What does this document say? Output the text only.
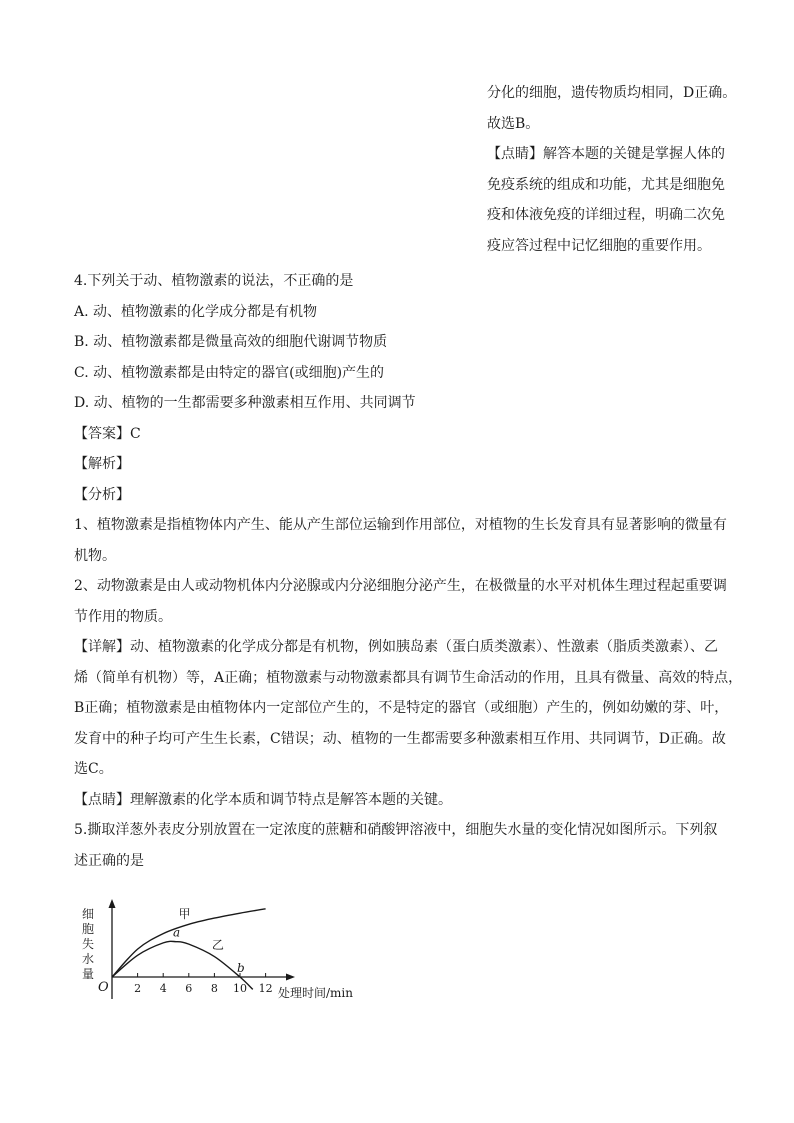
分化的细胞，遗传物质均相同，D正确。
故选B。
【点睛】解答本题的关键是掌握人体的
免疫系统的组成和功能，尤其是细胞免
疫和体液免疫的详细过程，明确二次免
疫应答过程中记忆细胞的重要作用。
4.下列关于动、植物激素的说法，不正确的是
A. 动、植物激素的化学成分都是有机物
B. 动、植物激素都是微量高效的细胞代谢调节物质
C. 动、植物激素都是由特定的器官(或细胞)产生的
D. 动、植物的一生都需要多种激素相互作用、共同调节
【答案】C
【解析】
【分析】
1、植物激素是指植物体内产生、能从产生部位运输到作用部位，对植物的生长发育具有显著影响的微量有
机物。
2、动物激素是由人或动物机体内分泌腺或内分泌细胞分泌产生，在极微量的水平对机体生理过程起重要调
节作用的物质。
【详解】动、植物激素的化学成分都是有机物，例如胰岛素（蛋白质类激素）、性激素（脂质类激素）、乙
烯（简单有机物）等，A正确；植物激素与动物激素都具有调节生命活动的作用，且具有微量、高效的特点，
B正确；植物激素是由植物体内一定部位产生的，不是特定的器官（或细胞）产生的，例如幼嫩的芽、叶，
发育中的种子均可产生生长素，C错误；动、植物的一生都需要多种激素相互作用、共同调节，D正确。故
选C。
【点睛】理解激素的化学本质和调节特点是解答本题的关键。
5.撕取洋葱外表皮分别放置在一定浓度的蔗糖和硝酸钾溶液中，细胞失水量的变化情况如图所示。下列叙
述正确的是
细
胞
失
水
量
2 4 6 8 10 12
O	处理时间/min
甲
乙
a
b
